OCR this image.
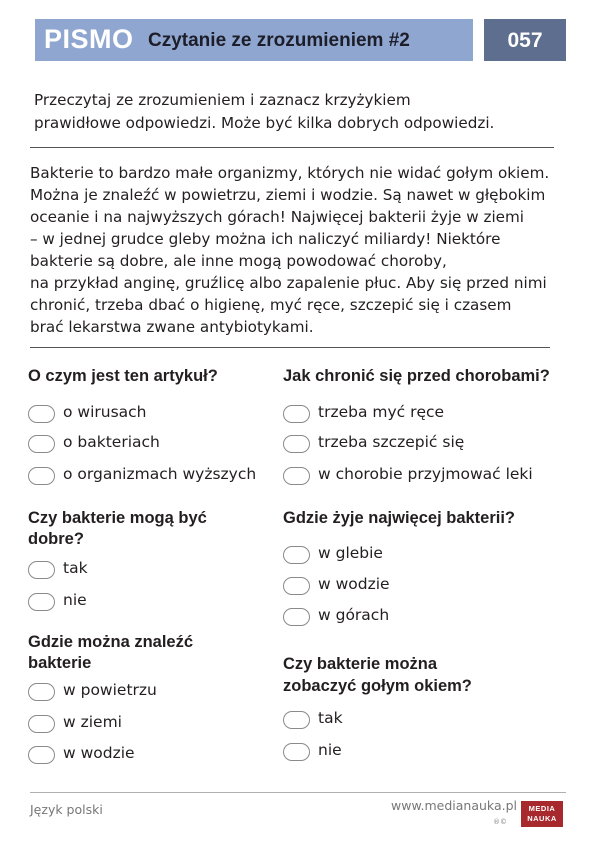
PISMO Czytanie ze zrozumieniem #2	057
Przeczytaj ze zrozumieniem i zaznacz krzyżykiem
prawidłowe odpowiedzi. Może być kilka dobrych odpowiedzi.
Bakterie to bardzo małe organizmy, których nie widać gołym okiem.
Można je znaleźć w powietrzu, ziemi i wodzie. Są nawet w głębokim
oceanie i na najwyższych górach! Najwięcej bakterii żyje w ziemi
– w jednej grudce gleby można ich naliczyć miliardy! Niektóre
bakterie są dobre, ale inne mogą powodować choroby,
na przykład anginę, gruźlicę albo zapalenie płuc. Aby się przed nimi
chronić, trzeba dbać o higienę, myć ręce, szczepić się i czasem
brać lekarstwa zwane antybiotykami.
O czym jest ten artykuł?
o wirusach
o bakteriach
o organizmach wyższych
Czy bakterie mogą być
dobre?
tak
nie
Gdzie można znaleźć
bakterie
w powietrzu
w ziemi
w wodzie
Jak chronić się przed chorobami?
trzeba myć ręce
trzeba szczepić się
w chorobie przyjmować leki
Gdzie żyje najwięcej bakterii?
w glebie
w wodzie
w górach
Czy bakterie można
zobaczyć gołym okiem?
tak
nie
Język polski	www.medianauka.pl
®©
MEDIA
NAUKA
